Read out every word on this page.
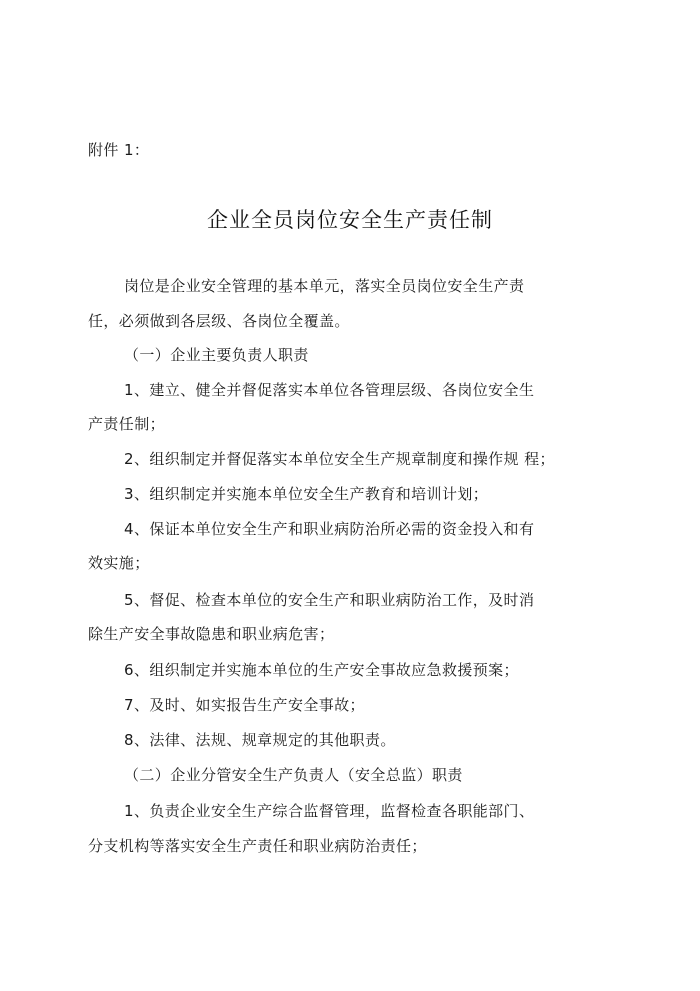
附件 1：
企业全员岗位安全生产责任制
岗位是企业安全管理的基本单元，落实全员岗位安全生产责
任，必须做到各层级、各岗位全覆盖。
（一）企业主要负责人职责
1、建立、健全并督促落实本单位各管理层级、各岗位安全生
产责任制；
2、组织制定并督促落实本单位安全生产规章制度和操作规 程；
3、组织制定并实施本单位安全生产教育和培训计划；
4、保证本单位安全生产和职业病防治所必需的资金投入和有
效实施；
5、督促、检查本单位的安全生产和职业病防治工作，及时消
除生产安全事故隐患和职业病危害；
6、组织制定并实施本单位的生产安全事故应急救援预案；
7、及时、如实报告生产安全事故；
8、法律、法规、规章规定的其他职责。
（二）企业分管安全生产负责人（安全总监）职责
1、负责企业安全生产综合监督管理，监督检查各职能部门、
分支机构等落实安全生产责任和职业病防治责任；
